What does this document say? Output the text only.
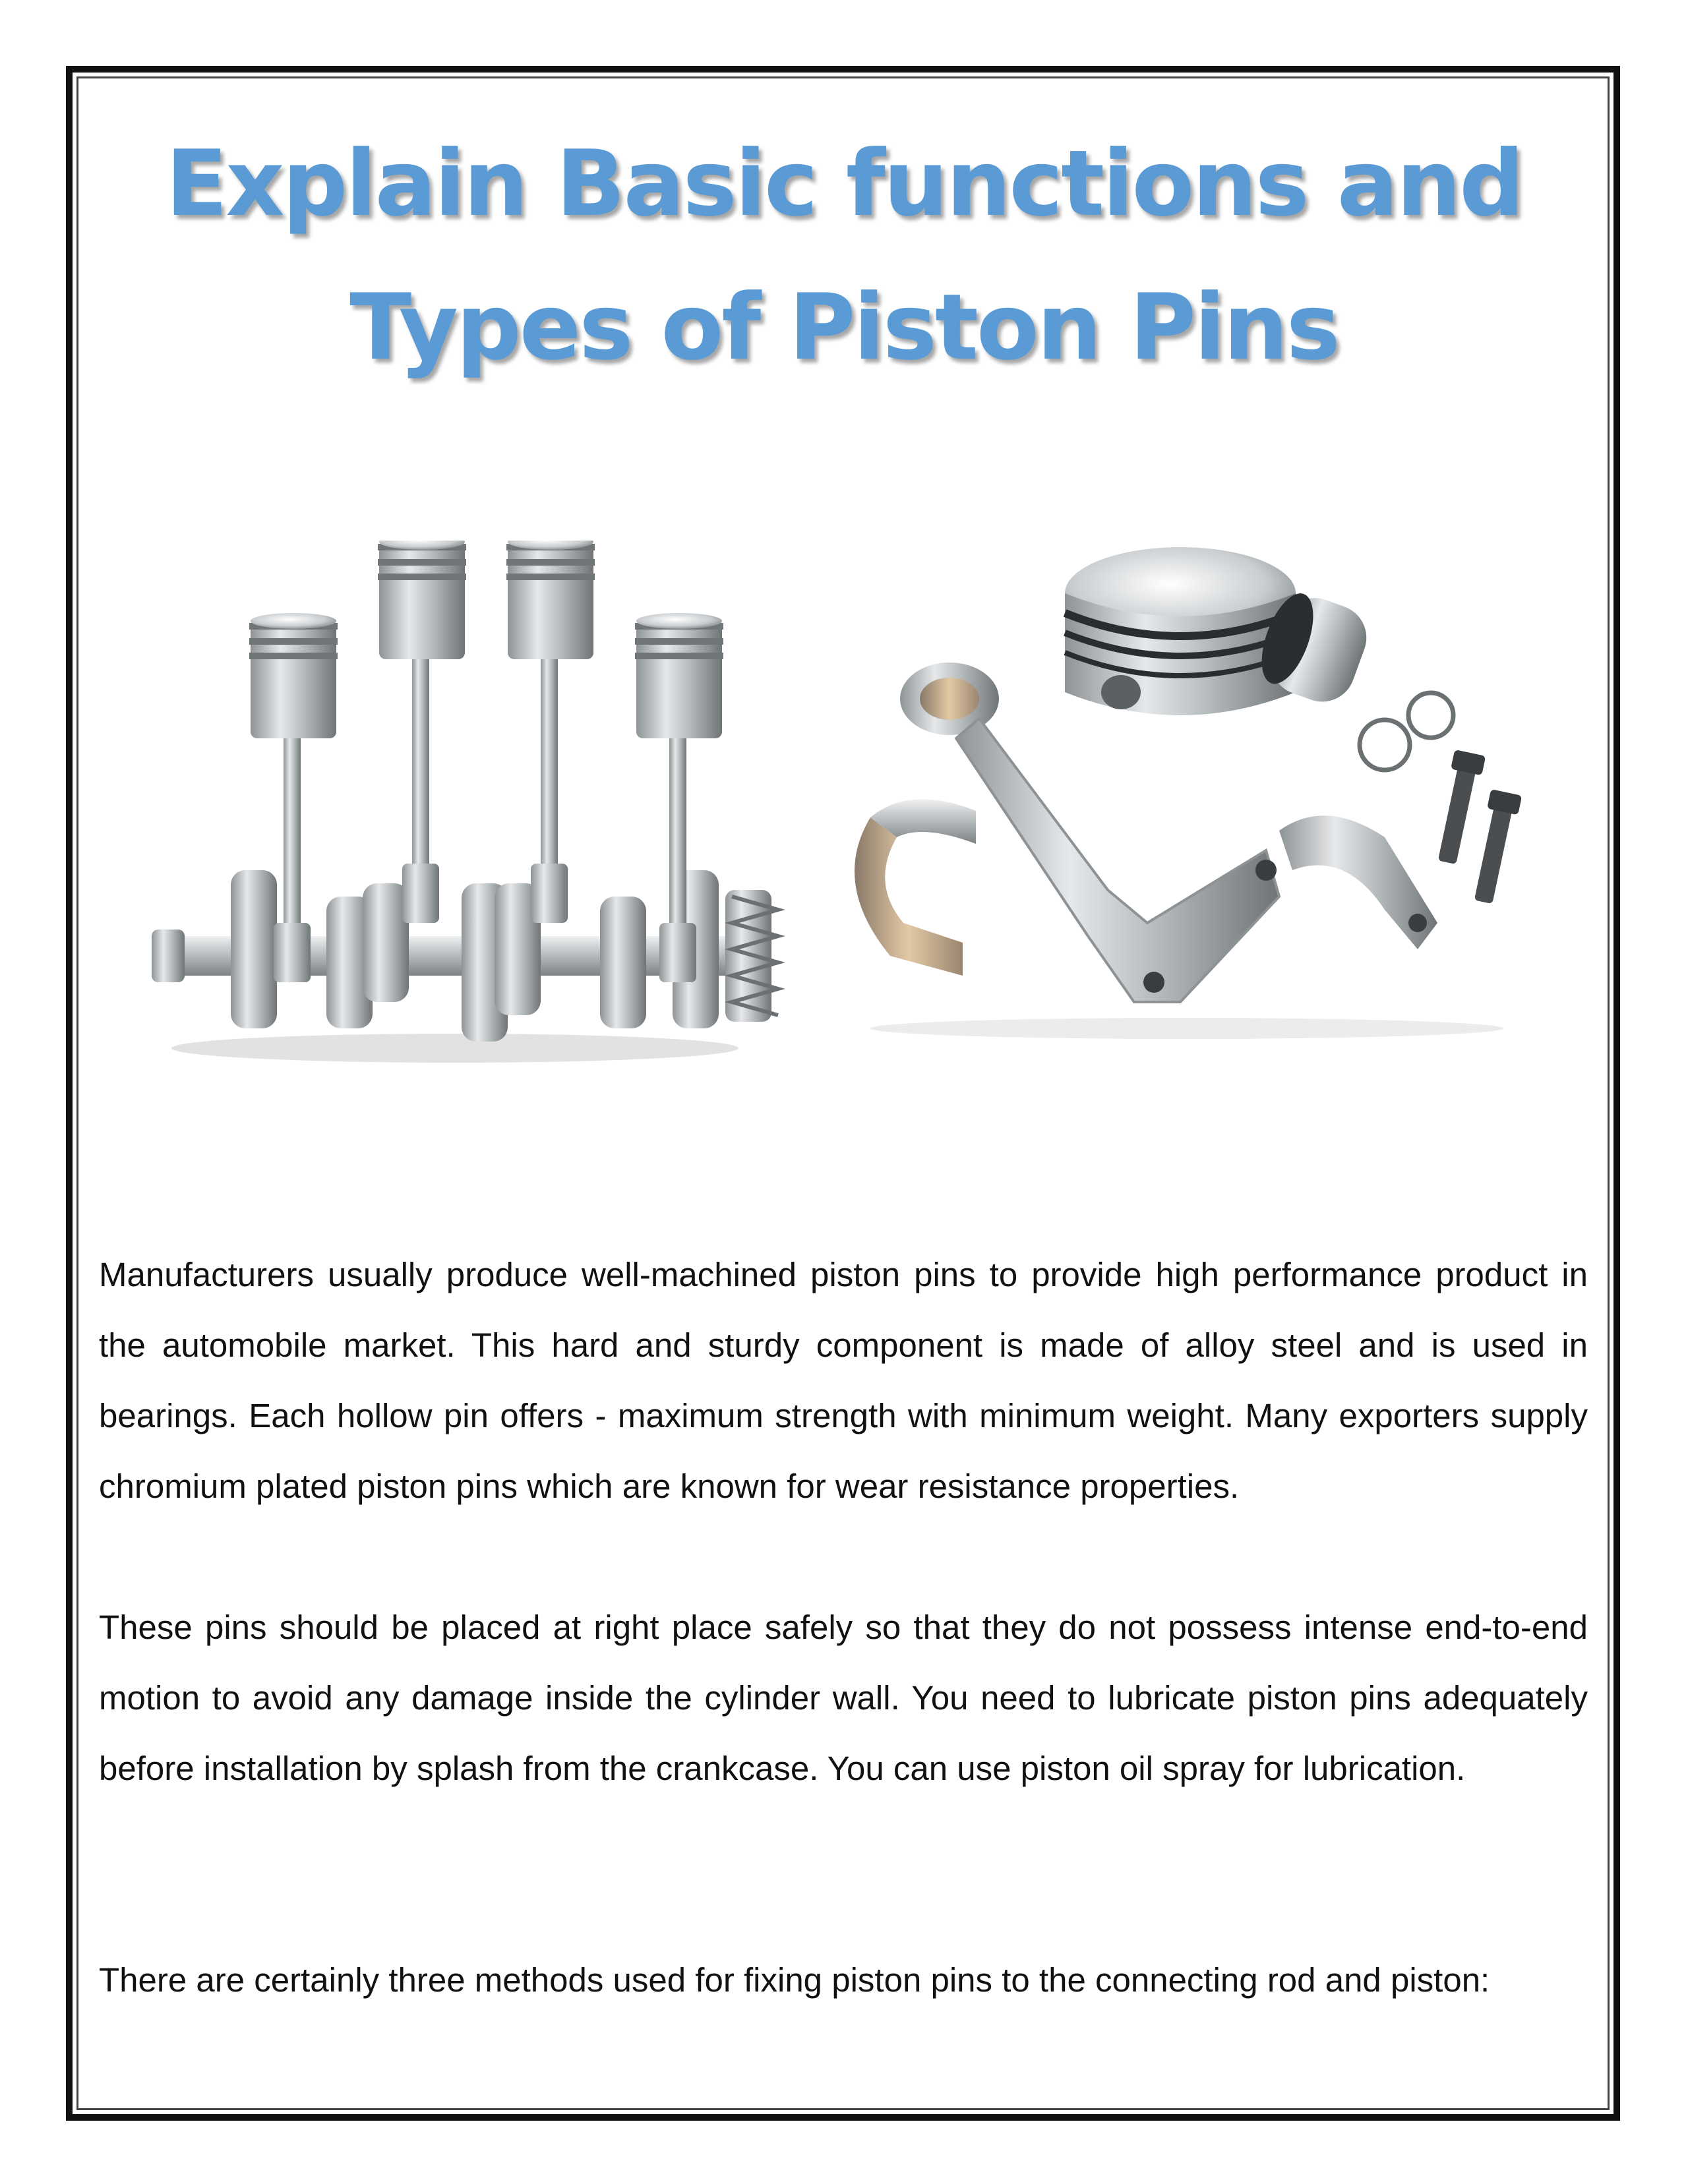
Explain Basic functions and Types of Piston Pins

Manufacturers usually produce well-machined piston pins to provide high performance product in the automobile market. This hard and sturdy component is made of alloy steel and is used in bearings. Each hollow pin offers - maximum strength with minimum weight. Many exporters supply chromium plated piston pins which are known for wear resistance properties.

These pins should be placed at right place safely so that they do not possess intense end-to-end motion to avoid any damage inside the cylinder wall. You need to lubricate piston pins adequately before installation by splash from the crankcase. You can use piston oil spray for lubrication.

There are certainly three methods used for fixing piston pins to the connecting rod and piston:
